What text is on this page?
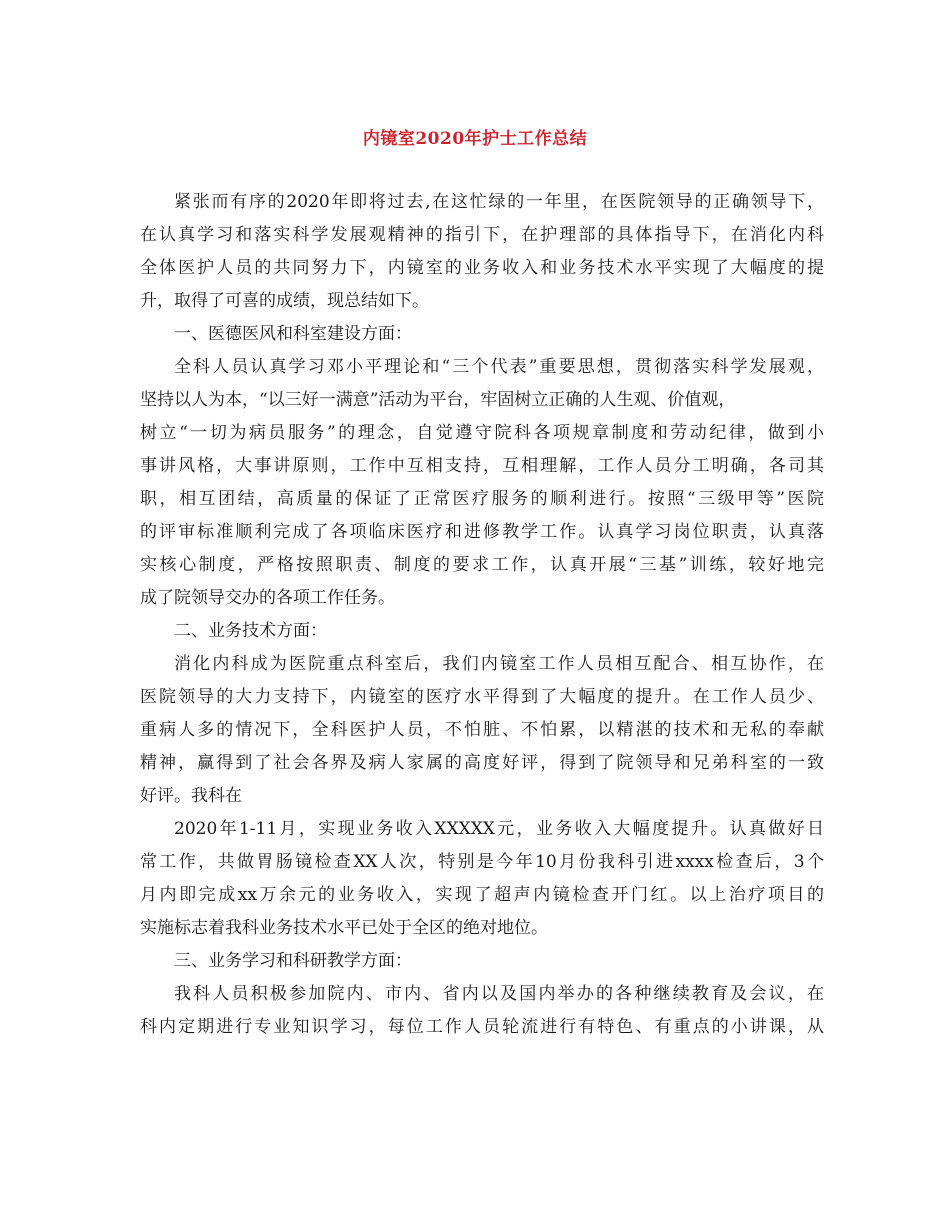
内镜室2020年护士工作总结
紧张而有序的2020年即将过去,在这忙绿的一年里，在医院领导的正确领导下，
在认真学习和落实科学发展观精神的指引下，在护理部的具体指导下，在消化内科
全体医护人员的共同努力下，内镜室的业务收入和业务技术水平实现了大幅度的提
升，取得了可喜的成绩，现总结如下。
一、医德医风和科室建设方面：
全科人员认真学习邓小平理论和“三个代表”重要思想，贯彻落实科学发展观，
坚持以人为本，“以三好一满意”活动为平台，牢固树立正确的人生观、价值观，
树立“一切为病员服务”的理念，自觉遵守院科各项规章制度和劳动纪律，做到小
事讲风格，大事讲原则，工作中互相支持，互相理解，工作人员分工明确，各司其
职，相互团结，高质量的保证了正常医疗服务的顺利进行。按照“三级甲等”医院
的评审标准顺利完成了各项临床医疗和进修教学工作。认真学习岗位职责，认真落
实核心制度，严格按照职责、制度的要求工作，认真开展“三基”训练，较好地完
成了院领导交办的各项工作任务。
二、业务技术方面：
消化内科成为医院重点科室后，我们内镜室工作人员相互配合、相互协作，在
医院领导的大力支持下，内镜室的医疗水平得到了大幅度的提升。在工作人员少、
重病人多的情况下，全科医护人员，不怕脏、不怕累，以精湛的技术和无私的奉献
精神，赢得到了社会各界及病人家属的高度好评，得到了院领导和兄弟科室的一致
好评。我科在
2020年1-11月，实现业务收入XXXXX元，业务收入大幅度提升。认真做好日
常工作，共做胃肠镜检查XX人次，特别是今年10月份我科引进xxxx检查后，3个
月内即完成xx万余元的业务收入，实现了超声内镜检查开门红。以上治疗项目的
实施标志着我科业务技术水平已处于全区的绝对地位。
三、业务学习和科研教学方面：
我科人员积极参加院内、市内、省内以及国内举办的各种继续教育及会议，在
科内定期进行专业知识学习，每位工作人员轮流进行有特色、有重点的小讲课，从
